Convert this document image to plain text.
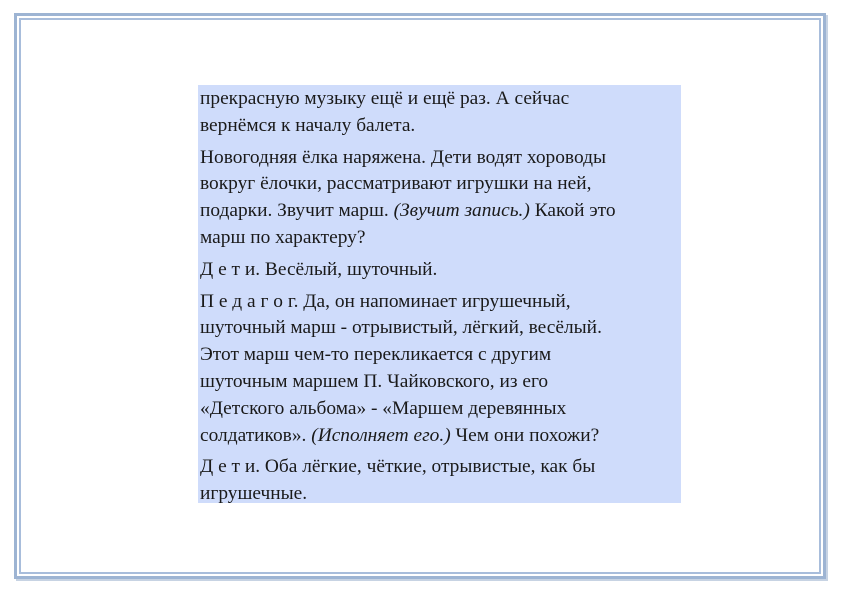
прекрасную музыку ещё и ещё раз. А сейчас
вернёмся к началу балета.

Новогодняя ёлка наряжена. Дети водят хороводы
вокруг ёлочки, рассматривают игрушки на ней,
подарки. Звучит марш. (Звучит запись.) Какой это
марш по характеру?

Д е т и. Весёлый, шуточный.

П е д а г о г. Да, он напоминает игрушечный,
шуточный марш - отрывистый, лёгкий, весёлый.
Этот марш чем-то перекликается с другим
шуточным маршем П. Чайковского, из его
«Детского альбома» - «Маршем деревянных
солдатиков». (Исполняет его.) Чем они похожи?

Д е т и. Оба лёгкие, чёткие, отрывистые, как бы
игрушечные.
